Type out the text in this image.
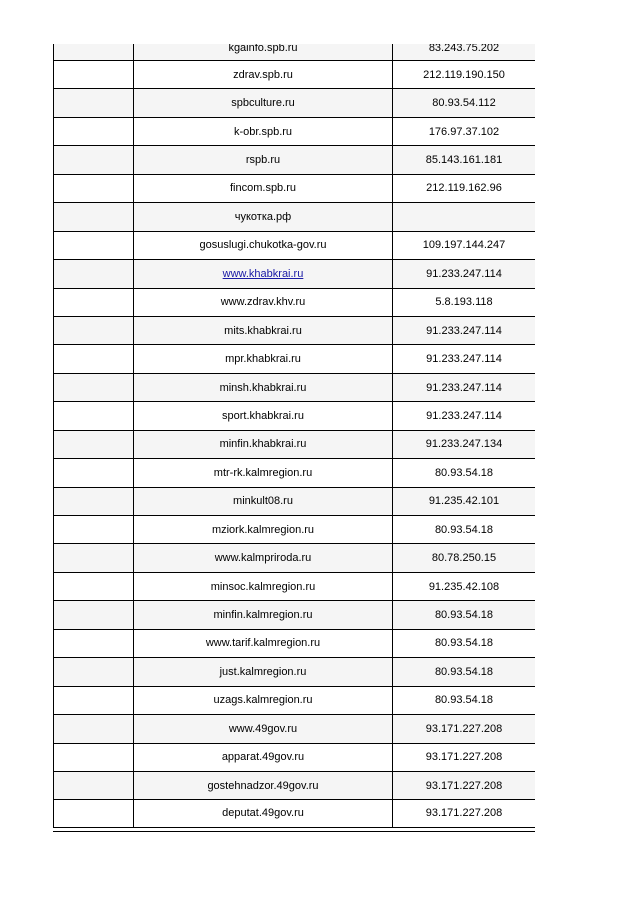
	kgainfo.spb.ru	83.243.75.202
	zdrav.spb.ru	212.119.190.150
	spbculture.ru	80.93.54.112
	k-obr.spb.ru	176.97.37.102
	rspb.ru	85.143.161.181
	fincom.spb.ru	212.119.162.96
	чукотка.рф	
	gosuslugi.chukotka-gov.ru	109.197.144.247
	www.khabkrai.ru	91.233.247.114
	www.zdrav.khv.ru	5.8.193.118
	mits.khabkrai.ru	91.233.247.114
	mpr.khabkrai.ru	91.233.247.114
	minsh.khabkrai.ru	91.233.247.114
	sport.khabkrai.ru	91.233.247.114
	minfin.khabkrai.ru	91.233.247.134
	mtr-rk.kalmregion.ru	80.93.54.18
	minkult08.ru	91.235.42.101
	mziork.kalmregion.ru	80.93.54.18
	www.kalmpriroda.ru	80.78.250.15
	minsoc.kalmregion.ru	91.235.42.108
	minfin.kalmregion.ru	80.93.54.18
	www.tarif.kalmregion.ru	80.93.54.18
	just.kalmregion.ru	80.93.54.18
	uzags.kalmregion.ru	80.93.54.18
	www.49gov.ru	93.171.227.208
	apparat.49gov.ru	93.171.227.208
	gostehnadzor.49gov.ru	93.171.227.208
	deputat.49gov.ru	93.171.227.208
